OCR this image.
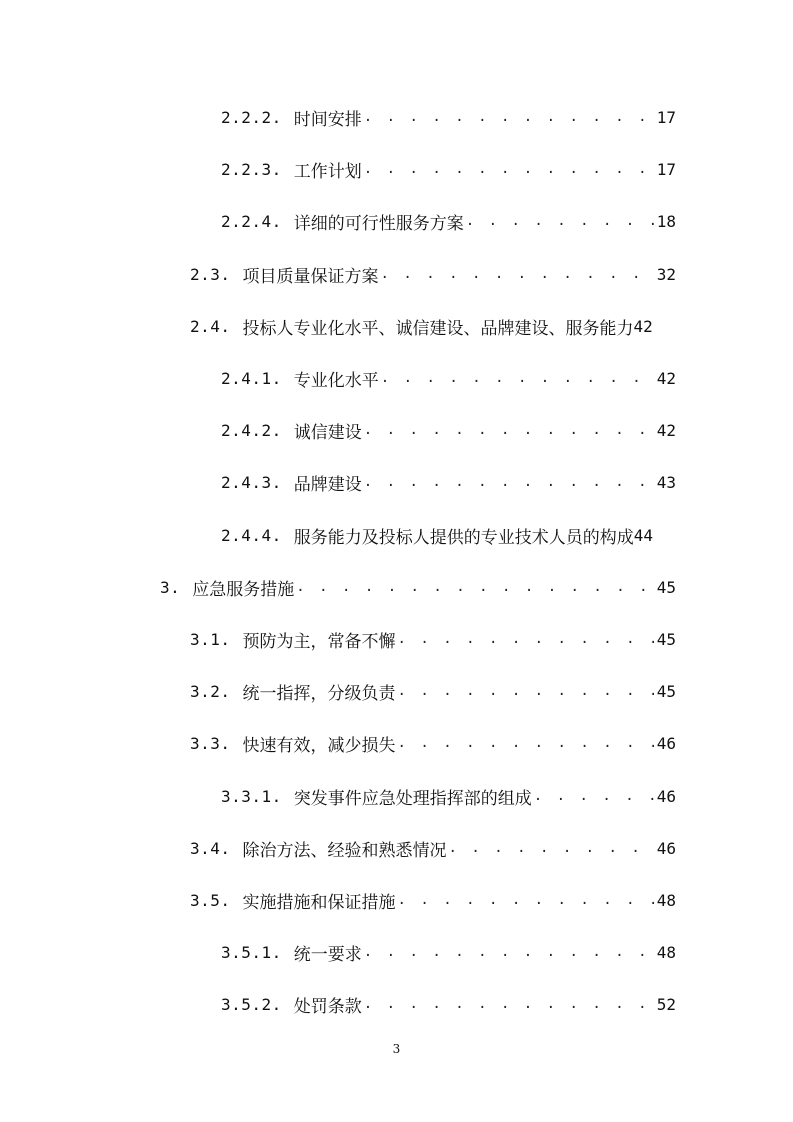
2.2.2. 时间安排 . . .	17
2.2.3. 工作计划 . . .	17
2.2.4. 详细的可行性服务方案 . . .	18
2.3. 项目质量保证方案 . . .	32
2.4. 投标人专业化水平、诚信建设、品牌建设、服务能力 42
2.4.1. 专业化水平 . . .	42
2.4.2. 诚信建设 . . .	42
2.4.3. 品牌建设 . . .	43
2.4.4. 服务能力及投标人提供的专业技术人员的构成 44
3. 应急服务措施 . . .	45
3.1. 预防为主，常备不懈 . . .	45
3.2. 统一指挥，分级负责 . . .	45
3.3. 快速有效，减少损失 . . .	46
3.3.1. 突发事件应急处理指挥部的组成 . . .	46
3.4. 除治方法、经验和熟悉情况 . . .	46
3.5. 实施措施和保证措施 . . .	48
3.5.1. 统一要求 . . .	48
3.5.2. 处罚条款 . . .	52
3
